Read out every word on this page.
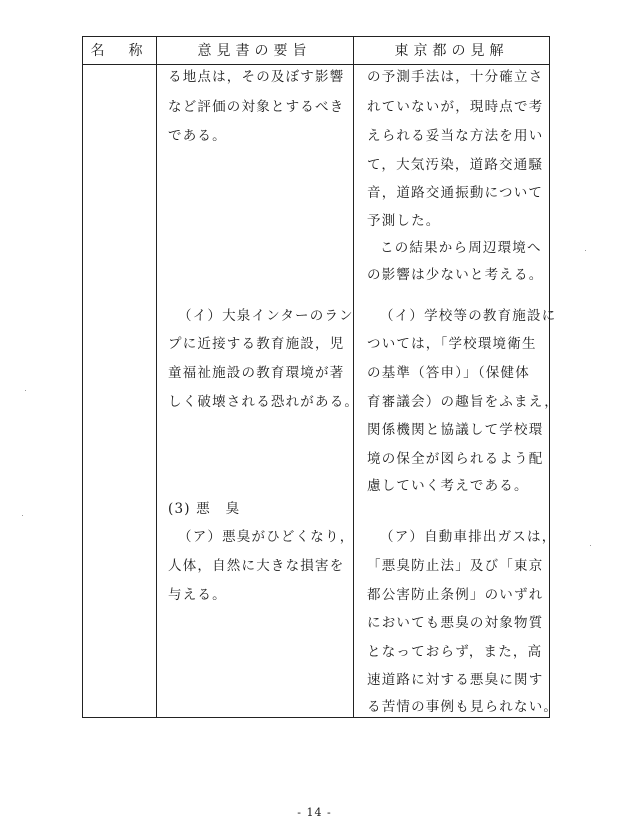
名　称	意見書の要旨	東京都の見解
る地点は，その及ぼす影響
など評価の対象とするべき
である。
（イ）大泉インターのラン
プに近接する教育施設，児
童福祉施設の教育環境が著
しく破壊される恐れがある。
(3) 悪　臭
（ア）悪臭がひどくなり，
人体，自然に大きな損害を
与える。
の予測手法は，十分確立さ
れていないが，現時点で考
えられる妥当な方法を用い
て，大気汚染，道路交通騒
音，道路交通振動について
予測した。
この結果から周辺環境へ
の影響は少ないと考える。
（イ）学校等の教育施設に
ついては，「学校環境衛生
の基準（答申）」（保健体
育審議会）の趣旨をふまえ，
関係機関と協議して学校環
境の保全が図られるよう配
慮していく考えである。
（ア）自動車排出ガスは，
「悪臭防止法」及び「東京
都公害防止条例」のいずれ
においても悪臭の対象物質
となっておらず，また，高
速道路に対する悪臭に関す
る苦情の事例も見られない。
- 14 -
